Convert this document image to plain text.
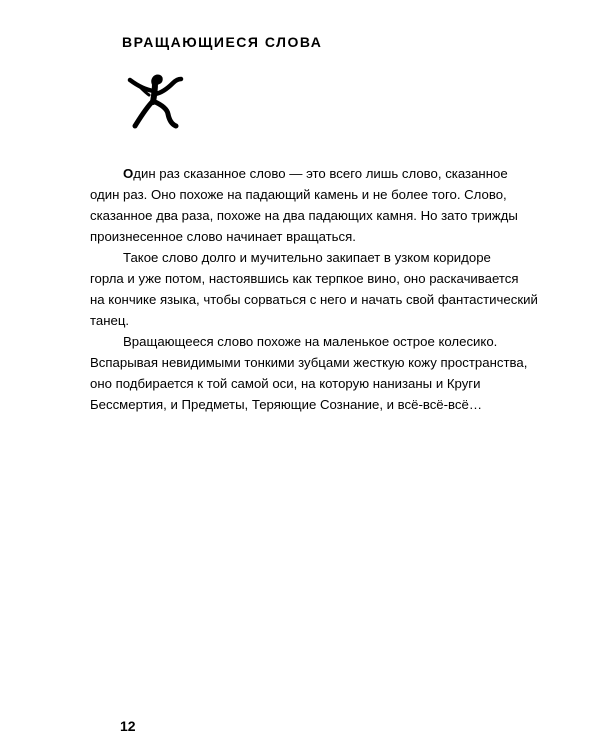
ВРАЩАЮЩИЕСЯ СЛОВА

Один раз сказанное слово — это всего лишь слово, сказанное
один раз. Оно похоже на падающий камень и не более того. Слово,
сказанное два раза, похоже на два падающих камня. Но зато трижды
произнесенное слово начинает вращаться.

Такое слово долго и мучительно закипает в узком коридоре
горла и уже потом, настоявшись как терпкое вино, оно раскачивается
на кончике языка, чтобы сорваться с него и начать свой фантастический
танец.

Вращающееся слово похоже на маленькое острое колесико.
Вспарывая невидимыми тонкими зубцами жесткую кожу пространства,
оно подбирается к той самой оси, на которую нанизаны и Круги
Бессмертия, и Предметы, Теряющие Сознание, и всё-всё-всё…

12
